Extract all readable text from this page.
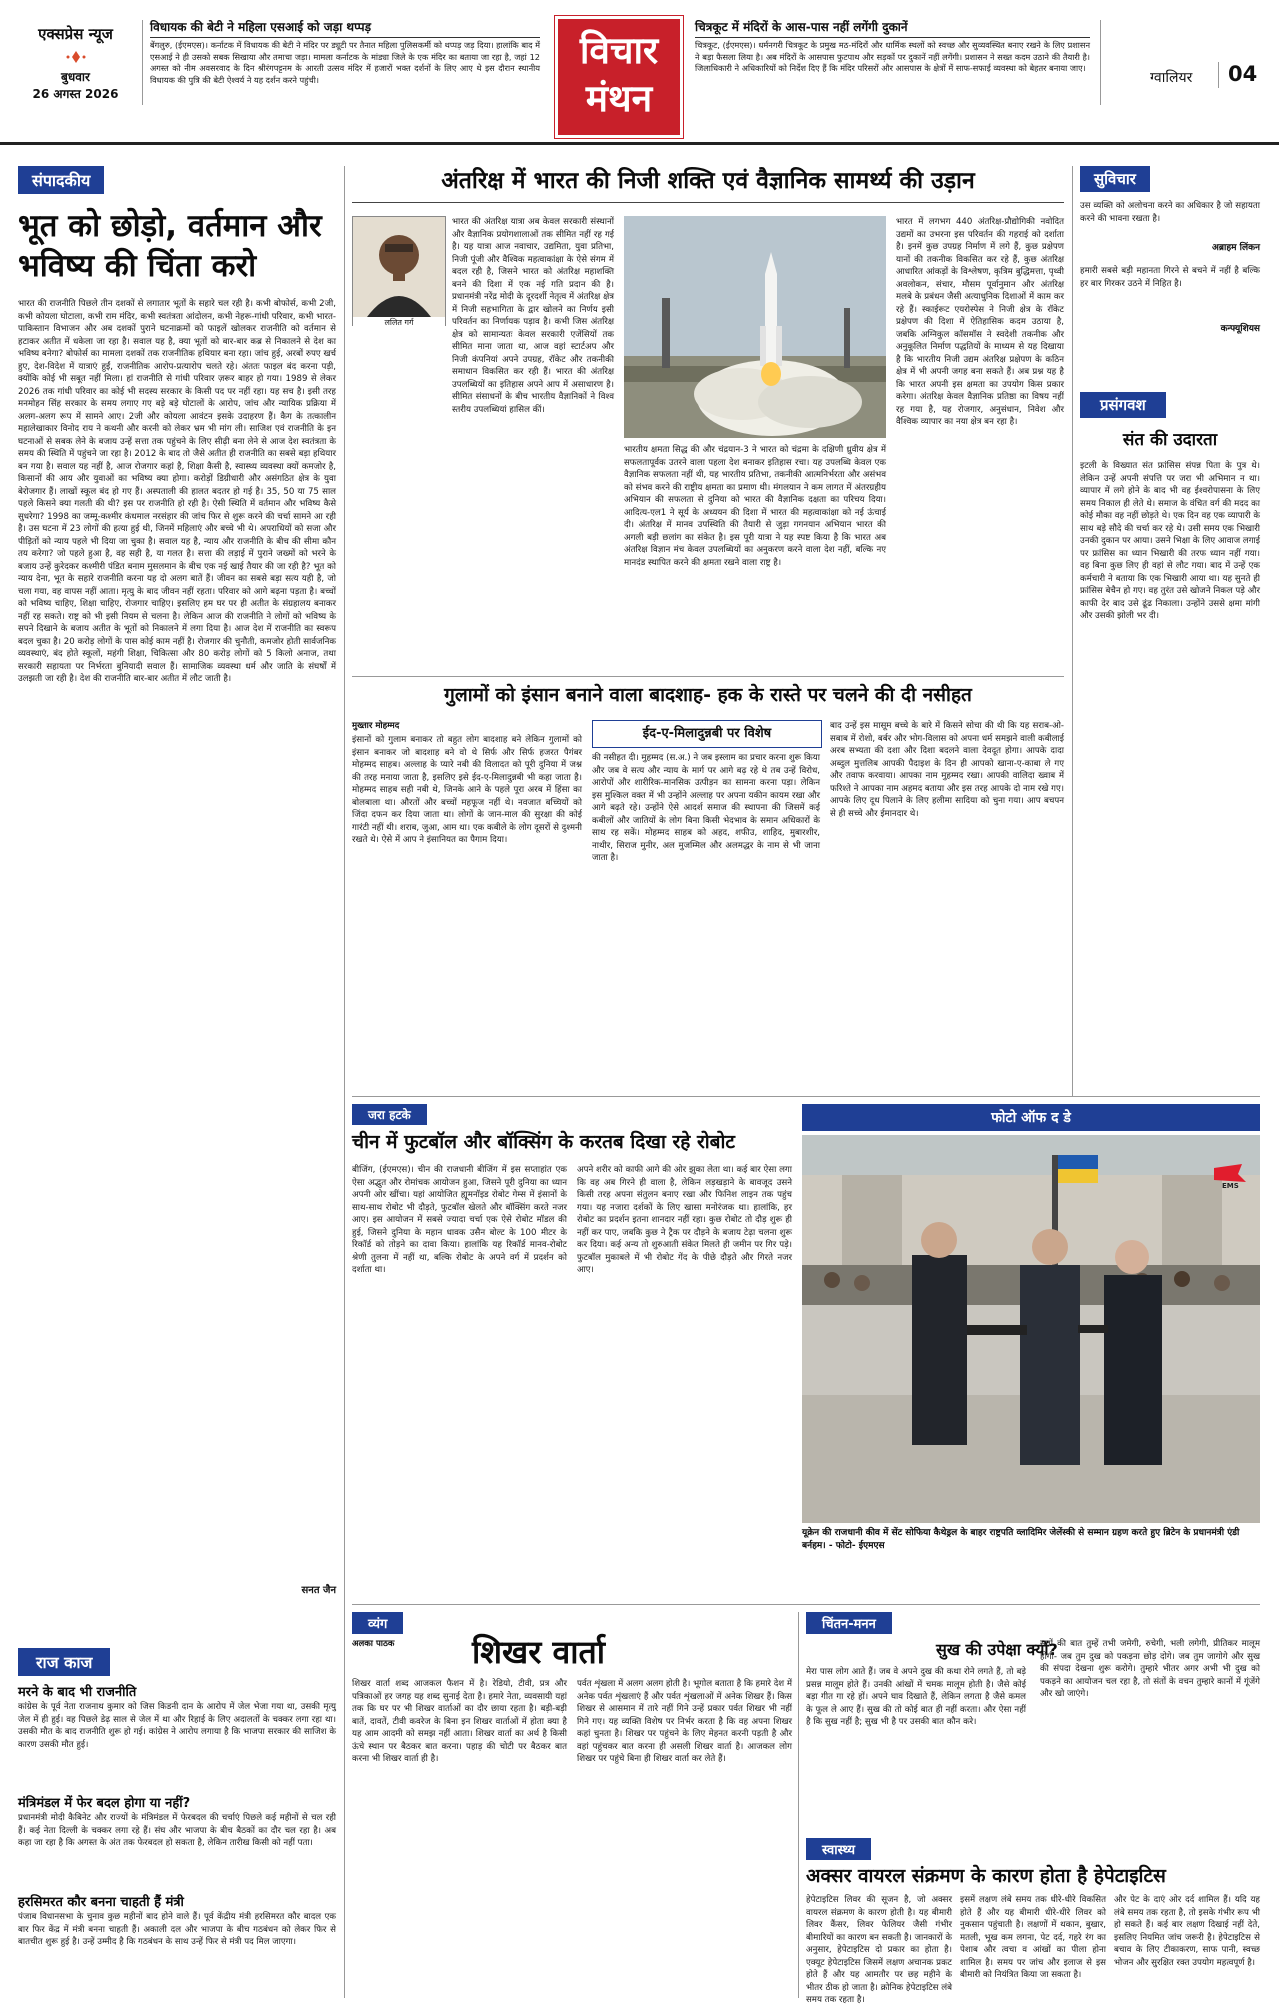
एक्सप्रेस न्यूज
बुधवार
26 अगस्त 2026
विधायक की बेटी ने महिला एसआई को जड़ा थप्पड़
बेंगलुरु, (ईएमएस)। कर्नाटक में विधायक की बेटी ने मंदिर पर ड्यूटी पर तैनात महिला पुलिसकर्मी को थप्पड़ जड़ दिया। हालांकि बाद में एसआई ने ही उसको सबक सिखाया और तमाचा जड़ा। मामला कर्नाटक के मांड्या जिले के एक मंदिर का बताया जा रहा है, जहां 12 अगस्त को नीम अवसरवाद के दिन श्रीरंगपट्टनम के आरती उत्सव मंदिर में हजारों भक्त दर्शनों के लिए आए थे इस दौरान स्थानीय विधायक की पुत्रि की बेटी ऐश्वर्य ने यह दर्शन करने पहुंची।
विचार
मंथन
चित्रकूट में मंदिरों के आस-पास नहीं लगेंगी दुकानें
चित्रकूट, (ईएमएस)। धर्मनगरी चित्रकूट के प्रमुख मठ-मंदिरों और धार्मिक स्थलों को स्वच्छ और सुव्यवस्थित बनाए रखने के लिए प्रशासन ने बड़ा फैसला लिया है। अब मंदिरों के आसपास फुटपाथ और सड़कों पर दुकानें नहीं लगेंगी। प्रशासन ने सख्त कदम उठाने की तैयारी है। जिलाधिकारी ने अधिकारियों को निर्देश दिए हैं कि मंदिर परिसरों और आसपास के क्षेत्रों में साफ-सफाई व्यवस्था को बेहतर बनाया जाए।
ग्वालियर 04
संपादकीय
भूत को छोड़ो, वर्तमान और भविष्य की चिंता करो
भारत की राजनीति पिछले तीन दशकों से लगातार भूतों के सहारे चल रही है। कभी बोफोर्स, कभी 2जी, कभी कोयला घोटाला, कभी राम मंदिर, कभी स्वतंत्रता आंदोलन, कभी नेहरू-गांधी परिवार, कभी भारत-पाकिस्तान विभाजन और अब दशकों पुराने घटनाक्रमों को फाइलें खोलकर राजनीति को वर्तमान से हटाकर अतीत में धकेला जा रहा है। सवाल यह है, क्या भूतों को बार-बार कब्र से निकालने से देश का भविष्य बनेगा? बोफोर्स का मामला दशकों तक राजनीतिक हथियार बना रहा। जांच हुई, अरबों रुपए खर्च हुए, देश-विदेश में यात्राएं हुईं, राजनीतिक आरोप-प्रत्यारोप चलते रहे। अंततः फाइल बंद करना पड़ी, क्योंकि कोई भी सबूत नहीं मिला। हां राजनीति से गांधी परिवार ज़रूर बाहर हो गया। 1989 से लेकर 2026 तक गांधी परिवार का कोई भी सदस्य सरकार के किसी पद पर नहीं रहा। यह सच है। इसी तरह मनमोहन सिंह सरकार के समय लगाए गए बड़े बड़े घोटालों के आरोप, जांच और न्यायिक प्रक्रिया में अलग-अलग रूप में सामने आए। 2जी और कोयला आवंटन इसके उदाहरण हैं। कैग के तत्कालीन महालेखाकार विनोद राय ने कथनी और करनी को लेकर भ्रम भी मांग ली। साजिश एवं राजनीति के इन घटनाओं से सबक लेने के बजाय उन्हें सत्ता तक पहुंचने के लिए सीढ़ी बना लेने से आज देश स्वतंत्रता के समय की स्थिति में पहुंचने जा रहा है। 2012 के बाद तो जैसे अतीत ही राजनीति का सबसे बड़ा हथियार बन गया है। सवाल यह नहीं है, आज रोजगार कहां है, शिक्षा कैसी है, स्वास्थ्य व्यवस्था क्यों कमजोर है, किसानों की आय और युवाओं का भविष्य क्या होगा। करोड़ों डिग्रीधारी और असंगठित क्षेत्र के युवा बेरोजगार हैं। लाखों स्कूल बंद हो गए हैं। अस्पताली की हालत बदतर हो गई है। 35, 50 या 75 साल पहले किसने क्या गलती की थी? इस पर राजनीति हो रही है। ऐसी स्थिति में वर्तमान और भविष्य कैसे सुधरेगा? 1998 का जम्मू-कश्मीर कंधमाल नरसंहार की जांच फिर से शुरू करने की चर्चा सामने आ रही है। उस घटना में 23 लोगों की हत्या हुई थी, जिनमें महिलाएं और बच्चे भी थे। अपराधियों को सजा और पीड़ितों को न्याय पहले भी दिया जा चुका है। सवाल यह है, न्याय और राजनीति के बीच की सीमा कौन तय करेगा? जो पहले हुआ है, वह सही है, या गलत है। सत्ता की लड़ाई में पुराने जख्मों को भरने के बजाय उन्हें कुरेदकर कश्मीरी पंडित बनाम मुसलमान के बीच एक नई खाई तैयार की जा रही है? भूत को न्याय देना, भूत के सहारे राजनीति करना यह दो अलग बातें हैं। जीवन का सबसे बड़ा सत्य यही है, जो चला गया, वह वापस नहीं आता। मृत्यु के बाद जीवन नहीं रहता। परिवार को आगे बढ़ना पड़ता है। बच्चों को भविष्य चाहिए, शिक्षा चाहिए, रोजगार चाहिए। इसलिए हम घर पर ही अतीत के संग्रहालय बनाकर नहीं रह सकते। राष्ट्र को भी इसी नियम से चलना है। लेकिन आज की राजनीति ने लोगों को भविष्य के सपने दिखाने के बजाय अतीत के भूतों को निकालने में लगा दिया है। आज देश में राजनीति का स्वरूप बदल चुका है। 20 करोड़ लोगों के पास कोई काम नहीं है। रोजगार की चुनौती, कमजोर होती सार्वजनिक व्यवस्थाएं, बंद होते स्कूलों, महंगी शिक्षा, चिकित्सा और 80 करोड़ लोगों को 5 किलो अनाज, तथा सरकारी सहायता पर निर्भरता बुनियादी सवाल हैं। सामाजिक व्यवस्था धर्म और जाति के संघर्षों में उलझती जा रही है। देश की राजनीति बार-बार अतीत में लौट जाती है।
सनत जैन
राज काज
मरने के बाद भी राजनीति
कांग्रेस के पूर्व नेता राजनाथ कुमार को जिस किडनी दान के आरोप में जेल भेजा गया था, उसकी मृत्यु जेल में ही हुई। वह पिछले डेढ़ साल से जेल में था और रिहाई के लिए अदालतों के चक्कर लगा रहा था। उसकी मौत के बाद राजनीति शुरू हो गई। कांग्रेस ने आरोप लगाया है कि भाजपा सरकार की साजिश के कारण उसकी मौत हुई।
मंत्रिमंडल में फेर बदल होगा या नहीं?
प्रधानमंत्री मोदी कैबिनेट और राज्यों के मंत्रिमंडल में फेरबदल की चर्चाएं पिछले कई महीनों से चल रही हैं। कई नेता दिल्ली के चक्कर लगा रहे हैं। संघ और भाजपा के बीच बैठकों का दौर चल रहा है। अब कहा जा रहा है कि अगस्त के अंत तक फेरबदल हो सकता है, लेकिन तारीख किसी को नहीं पता।
हरसिमरत कौर बनना चाहती हैं मंत्री
पंजाब विधानसभा के चुनाव कुछ महीनों बाद होने वाले हैं। पूर्व केंद्रीय मंत्री हरसिमरत कौर बादल एक बार फिर केंद्र में मंत्री बनना चाहती हैं। अकाली दल और भाजपा के बीच गठबंधन को लेकर फिर से बातचीत शुरू हुई है। उन्हें उम्मीद है कि गठबंधन के साथ उन्हें फिर से मंत्री पद मिल जाएगा।
अंतरिक्ष में भारत की निजी शक्ति एवं वैज्ञानिक सामर्थ्य की उड़ान
ललित गर्ग
भारत की अंतरिक्ष यात्रा अब केवल सरकारी संस्थानों और वैज्ञानिक प्रयोगशालाओं तक सीमित नहीं रह गई है। यह यात्रा आज नवाचार, उद्यमिता, युवा प्रतिभा, निजी पूंजी और वैश्विक महत्वाकांक्षा के ऐसे संगम में बदल रही है, जिसने भारत को अंतरिक्ष महाशक्ति बनने की दिशा में एक नई गति प्रदान की है। प्रधानमंत्री नरेंद्र मोदी के दूरदर्शी नेतृत्व में अंतरिक्ष क्षेत्र में निजी सहभागिता के द्वार खोलने का निर्णय इसी परिवर्तन का निर्णायक पड़ाव है। कभी जिस अंतरिक्ष क्षेत्र को सामान्यतः केवल सरकारी एजेंसियों तक सीमित माना जाता था, आज वहां स्टार्टअप और निजी कंपनियां अपने उपग्रह, रॉकेट और तकनीकी समाधान विकसित कर रही हैं। भारत की अंतरिक्ष उपलब्धियों का इतिहास अपने आप में असाधारण है। सीमित संसाधनों के बीच भारतीय वैज्ञानिकों ने विश्व स्तरीय उपलब्धियां हासिल कीं।
भारतीय क्षमता सिद्ध की और चंद्रयान-3 ने भारत को चंद्रमा के दक्षिणी ध्रुवीय क्षेत्र में सफलतापूर्वक उतरने वाला पहला देश बनाकर इतिहास रचा। यह उपलब्धि केवल एक वैज्ञानिक सफलता नहीं थी, यह भारतीय प्रतिभा, तकनीकी आत्मनिर्भरता और असंभव को संभव करने की राष्ट्रीय क्षमता का प्रमाण थी। मंगलयान ने कम लागत में अंतरग्रहीय अभियान की सफलता से दुनिया को भारत की वैज्ञानिक दक्षता का परिचय दिया। आदित्य-एल1 ने सूर्य के अध्ययन की दिशा में भारत की महत्वाकांक्षा को नई ऊंचाई दी। अंतरिक्ष में मानव उपस्थिति की तैयारी से जुड़ा गगनयान अभियान भारत की अगली बड़ी छलांग का संकेत है। इस पूरी यात्रा ने यह स्पष्ट किया है कि भारत अब अंतरिक्ष विज्ञान मंच केवल उपलब्धियों का अनुकरण करने वाला देश नहीं, बल्कि नए मानदंड स्थापित करने की क्षमता रखने वाला राष्ट्र है।
भारत में लगभग 440 अंतरिक्ष-प्रौद्योगिकी नवोदित उद्यमों का उभरना इस परिवर्तन की गहराई को दर्शाता है। इनमें कुछ उपग्रह निर्माण में लगे हैं, कुछ प्रक्षेपण यानों की तकनीक विकसित कर रहे हैं, कुछ अंतरिक्ष आधारित आंकड़ों के विश्लेषण, कृत्रिम बुद्धिमत्ता, पृथ्वी अवलोकन, संचार, मौसम पूर्वानुमान और अंतरिक्ष मलबे के प्रबंधन जैसी अत्याधुनिक दिशाओं में काम कर रहे हैं। स्काईरूट एयरोस्पेस ने निजी क्षेत्र के रॉकेट प्रक्षेपण की दिशा में ऐतिहासिक कदम उठाया है, जबकि अग्निकुल कॉसमॉस ने स्वदेशी तकनीक और अनुकूलित निर्माण पद्धतियों के माध्यम से यह दिखाया है कि भारतीय निजी उद्यम अंतरिक्ष प्रक्षेपण के कठिन क्षेत्र में भी अपनी जगह बना सकते हैं। अब प्रश्न यह है कि भारत अपनी इस क्षमता का उपयोग किस प्रकार करेगा। अंतरिक्ष केवल वैज्ञानिक प्रतिष्ठा का विषय नहीं रह गया है, यह रोजगार, अनुसंधान, निवेश और वैश्विक व्यापार का नया क्षेत्र बन रहा है।
सुविचार
उस व्यक्ति को अलोचना करने का अधिकार है जो सहायता करने की भावना रखता है।
अब्राहम लिंकन
हमारी सबसे बड़ी महानता गिरने से बचने में नहीं है बल्कि हर बार गिरकर उठने में निहित है।
कन्फ्यूशियस
प्रसंगवश
संत की उदारता
इटली के विख्यात संत फ्रांसिस संपन्न पिता के पुत्र थे। लेकिन उन्हें अपनी संपत्ति पर जरा भी अभिमान न था। व्यापार में लगे होने के बाद भी वह ईश्वरोपासना के लिए समय निकाल ही लेते थे। समाज के वंचित वर्ग की मदद का कोई मौका वह नहीं छोड़ते थे। एक दिन वह एक व्यापारी के साथ बड़े सौदे की चर्चा कर रहे थे। उसी समय एक भिखारी उनकी दुकान पर आया। उसने भिक्षा के लिए आवाज लगाई पर फ्रांसिस का ध्यान भिखारी की तरफ ध्यान नहीं गया। वह बिना कुछ लिए ही वहां से लौट गया। बाद में उन्हें एक कर्मचारी ने बताया कि एक भिखारी आया था। यह सुनते ही फ्रांसिस बेचैन हो गए। वह तुरंत उसे खोजने निकल पड़े और काफी देर बाद उसे ढूंढ निकाला। उन्होंने उससे क्षमा मांगी और उसकी झोली भर दी।
गुलामों को इंसान बनाने वाला बादशाह- हक के रास्ते पर चलने की दी नसीहत
मुख्तार मोहम्मद
इंसानों को गुलाम बनाकर तो बहुत लोग बादशाह बने लेकिन गुलामों को इंसान बनाकर जो बादशाह बने वो थे सिर्फ और सिर्फ हजरत पैगंबर मोहम्मद साहब। अल्लाह के प्यारे नबी की विलादत को पूरी दुनिया में जश्न की तरह मनाया जाता है, इसलिए इसे ईद-ए-मिलादुन्नबी भी कहा जाता है। मोहम्मद साहब सही नबी थे, जिनके आने के पहले पूरा अरब में हिंसा का बोलबाला था। औरतों और बच्चों महफूज नहीं थे। नवजात बच्चियों को जिंदा दफन कर दिया जाता था। लोगों के जान-माल की सुरक्षा की कोई गारंटी नहीं थी। शराब, जुआ, आम था। एक कबीले के लोग दूसरों से दुश्मनी रखते थे। ऐसे में आप ने इंसानियत का पैगाम दिया।
ईद-ए-मिलादुन्नबी पर विशेष
की नसीहत दी। मुहम्मद (स.अ.) ने जब इस्लाम का प्रचार करना शुरू किया और जब वे सत्य और न्याय के मार्ग पर आगे बढ़ रहे थे तब उन्हें विरोध, आरोपों और शारीरिक-मानसिक उत्पीड़न का सामना करना पड़ा। लेकिन इस मुश्किल वक्त में भी उन्होंने अल्लाह पर अपना यकीन कायम रखा और आगे बढ़ते रहे। उन्होंने ऐसे आदर्श समाज की स्थापना की जिसमें कई कबीलों और जातियों के लोग बिना किसी भेदभाव के समान अधिकारों के साथ रह सकें। मोहम्मद साहब को अहद, शफीउ, शाहिद, मुबारशीर, नाथीर, सिराज मुनीर, अल मुजम्मिल और अलमद्धर के नाम से भी जाना जाता है।
बाद उन्हें इस मासूम बच्चे के बारे में किसने सोचा की थी कि यह सराब-ओ-सबाब में रोशो, बर्बर और भोग-विलास को अपना धर्म समझने वाली कबीलाई अरब सभ्यता की दशा और दिशा बदलने वाला देवदूत होगा। आपके दादा अब्दुल मुत्तलिब आपकी पैदाइश के दिन ही आपको खाना-ए-काबा ले गए और तवाफ करवाया। आपका नाम मुहम्मद रखा। आपकी वालिदा ख्वाब में फरिश्ते ने आपका नाम अहमद बताया और इस तरह आपके दो नाम रखे गए। आपके लिए दूध पिलाने के लिए हलीमा सादिया को चुना गया। आप बचपन से ही सच्चे और ईमानदार थे।
जरा हटके
चीन में फुटबॉल और बॉक्सिंग के करतब दिखा रहे रोबोट
बीजिंग, (ईएमएस)। चीन की राजधानी बीजिंग में इस सप्ताहांत एक ऐसा अद्भुत और रोमांचक आयोजन हुआ, जिसने पूरी दुनिया का ध्यान अपनी ओर खींचा। यहां आयोजित ह्यूमनॉइड रोबोट गेम्स में इंसानों के साथ-साथ रोबोट भी दौड़ते, फुटबॉल खेलते और बॉक्सिंग करते नजर आए। इस आयोजन में सबसे ज्यादा चर्चा एक ऐसे रोबोट मॉडल की हुई, जिसने दुनिया के महान धावक उसैन बोल्ट के 100 मीटर के रिकॉर्ड को तोड़ने का दावा किया। हालांकि यह रिकॉर्ड मानव-रोबोट श्रेणी तुलना में नहीं था, बल्कि रोबोट के अपने वर्ग में प्रदर्शन को दर्शाता था।
अपने शरीर को काफी आगे की ओर झुका लेता था। कई बार ऐसा लगा कि वह अब गिरने ही वाला है, लेकिन लड़खड़ाने के बावजूद उसने किसी तरह अपना संतुलन बनाए रखा और फिनिश लाइन तक पहुंच गया। यह नजारा दर्शकों के लिए खासा मनोरंजक था। हालांकि, हर रोबोट का प्रदर्शन इतना शानदार नहीं रहा। कुछ रोबोट तो दौड़ शुरू ही नहीं कर पाए, जबकि कुछ ने ट्रैक पर दौड़ने के बजाय टेढ़ा चलना शुरू कर दिया। कई अन्य तो शुरुआती संकेत मिलते ही जमीन पर गिर पड़े। फुटबॉल मुकाबले में भी रोबोट गेंद के पीछे दौड़ते और गिरते नजर आए।
फोटो ऑफ द डे
EMS
यूक्रेन की राजधानी कीव में सेंट सोफिया कैथेड्रल के बाहर राष्ट्रपति व्लादिमिर जेलेंस्की से सम्मान ग्रहण करते हुए ब्रिटेन के प्रधानमंत्री एंडी बर्नहम। - फोटो- ईएमएस
व्यंग
अलका पाठक शिखर वार्ता
शिखर वार्ता शब्द आजकल फैशन में है। रेडियो, टीवी, प्रत्र और पत्रिकाओं हर जगह यह शब्द सुनाई देता है। हमारे नेता, व्यवसायी यहां तक कि घर पर भी शिखर वार्ताओं का दौर छाया रहता है। बड़ी-बड़ी बातें, दावतें, टीवी कवरेज के बिना इन शिखर वार्ताओं में होता क्या है यह आम आदमी को समझ नहीं आता। शिखर वार्ता का अर्थ है किसी ऊंचे स्थान पर बैठकर बात करना। पहाड़ की चोटी पर बैठकर बात करना भी शिखर वार्ता ही है।
पर्वत शृंखला में अलग अलग होती है। भूगोल बताता है कि हमारे देश में अनेक पर्वत शृंखलाएं हैं और पर्वत शृंखलाओं में अनेक शिखर हैं। किस शिखर से आसमान में तारे नहीं गिने उन्हें प्रकार पर्वत शिखर भी नहीं गिने गए। यह व्यक्ति विशेष पर निर्भर करता है कि वह अपना शिखर कहां चुनता है। शिखर पर पहुंचने के लिए मेहनत करनी पड़ती है और वहां पहुंचकर बात करना ही असली शिखर वार्ता है। आजकल लोग शिखर पर पहुंचे बिना ही शिखर वार्ता कर लेते हैं।
चिंतन-मनन
सुख की उपेक्षा क्यों?
मेरा पास लोग आते हैं। जब वे अपने दुख की कथा रोने लगते हैं, तो बड़े प्रसन्न मालूम होते हैं। उनकी आंखों में चमक मालूम होती है। जैसे कोई बड़ा गीत गा रहे हों। अपने घाव दिखाते हैं, लेकिन लगता है जैसे कमल के फूल ले आए हैं। सुख की तो कोई बात ही नहीं करता। और ऐसा नहीं है कि सुख नहीं है; सुख भी है पर उसकी बात कौन करे।
सतों की बात तुम्हें तभी जमेगी, रुचेगी, भली लगेगी, प्रीतिकर मालूम होगी- जब तुम दुख को पकड़ना छोड़ दोगे। जब तुम जागोगे और सुख की संपदा देखना शुरू करोगे। तुम्हारे भीतर अगर अभी भी दुख को पकड़ने का आयोजन चल रहा है, तो संतों के वचन तुम्हारे कानों में गूंजेंगे और खो जाएंगे।
स्वास्थ्य
अक्सर वायरल संक्रमण के कारण होता है हेपेटाइटिस
हेपेटाइटिस लिवर की सूजन है, जो अक्सर वायरल संक्रमण के कारण होती है। यह बीमारी लिवर कैंसर, लिवर फेलियर जैसी गंभीर बीमारियों का कारण बन सकती है। जानकारों के अनुसार, हेपेटाइटिस दो प्रकार का होता है। एक्यूट हेपेटाइटिस जिसमें लक्षण अचानक प्रकट होते हैं और यह आमतौर पर छह महीने के भीतर ठीक हो जाता है। क्रोनिक हेपेटाइटिस लंबे समय तक रहता है।
इसमें लक्षण लंबे समय तक धीरे-धीरे विकसित होते हैं और यह बीमारी धीरे-धीरे लिवर को नुकसान पहुंचाती है। लक्षणों में थकान, बुखार, मतली, भूख कम लगना, पेट दर्द, गहरे रंग का पेशाब और त्वचा व आंखों का पीला होना शामिल है। समय पर जांच और इलाज से इस बीमारी को नियंत्रित किया जा सकता है।
और पेट के दाएं ओर दर्द शामिल हैं। यदि यह लंबे समय तक रहता है, तो इसके गंभीर रूप भी हो सकते हैं। कई बार लक्षण दिखाई नहीं देते, इसलिए नियमित जांच जरूरी है। हेपेटाइटिस से बचाव के लिए टीकाकरण, साफ पानी, स्वच्छ भोजन और सुरक्षित रक्त उपयोग महत्वपूर्ण है।
